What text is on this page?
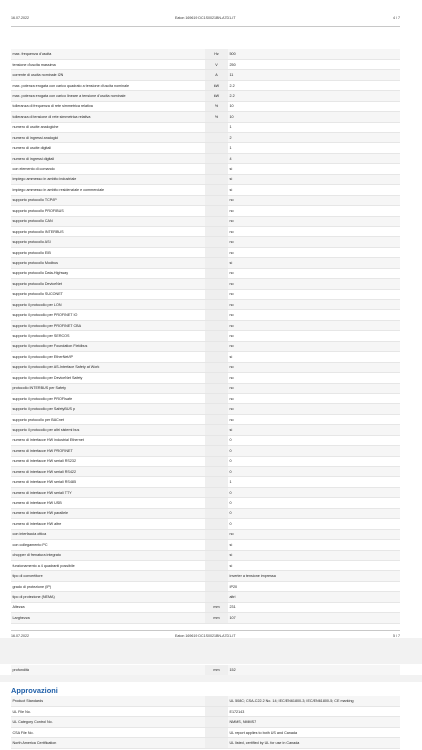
16.07.2022	Eaton 169619 DC1S0021BN-A7D1-IT	4 / 7
max. frequenza d'uscita	Hz	500
tensione d'uscita massima	V	250
corrente di uscita nominale I2N	A	11
max. potenza erogata con carico quadrato a tensione d'uscita nominale	kW	2.2
max. potenza erogata con carico lineare a tensione d'uscita nominale	kW	2.2
tolleranza di frequenza di rete simmetrica relativa	%	10
tolleranza di tensione di rete simmetrica relativa	%	10
numero di uscite analogiche		1
numero di ingressi analogici		2
numero di uscite digitali		1
numero di ingressi digitali		4
con elemento di comando		sì
impiego ammesso in ambito industriale		sì
impiego ammesso in ambito residenziale e commerciale		sì
supporto protocollo TCP/IP		no
supporto protocollo PROFIBUS		no
supporto protocollo CAN		no
supporto protocollo INTERBUS		no
supporto protocollo ASI		no
supporto protocollo EIB		no
supporto protocollo Modbus		sì
supporto protocollo Data-Highway		no
supporto protocollo DeviceNet		no
supporto protocollo SUCONET		no
supporto il protocollo per LON		no
supporto il protocollo per PROFINET IO		no
supporto il protocollo per PROFINET CBA		no
supporto il protocollo per SERCOS		no
supporto il protocollo per Foundation Fieldbus		no
supporto il protocollo per EtherNet/IP		sì
supporto il protocollo per AS-Interface Safety at Work		no
supporto il protocollo per DeviceNet Safety		no
protocollo INTERBUS per Safety		no
supporto il protocollo per PROFIsafe		no
supporto il protocollo per SafetyBUS p		no
supporto protocollo per BACnet		no
supporto il protocollo per altri sistemi bus		sì
numero di interfacce HW industrial Ethernet		0
numero di interfacce HW PROFINET		0
numero di interfacce HW seriali RS232		0
numero di interfacce HW seriali RS422		0
numero di interfacce HW seriali RS485		1
numero di interfacce HW seriali TTY		0
numero di interfacce HW USB		0
numero di interfacce HW parallele		0
numero di interfacce HW altre		0
con interfaccia ottica		no
con collegamento PC		sì
chopper di frenatura integrato		sì
funzionamento a 4 quadranti possibile		sì
tipo di convertitore		inverter a tensione impressa
grado di protezione (IP)		IP20
tipo di protezione (NEMA)		altri
Altezza	mm	231
Larghezza	mm	107
16.07.2022	Eaton 169619 DC1S0021BN-A7D1-IT	5 / 7
profondità	mm	152
Approvazioni
Product Standards		UL 508C; CSA-C22.2 No. 14; IEC/EN61800-3; IEC/EN61800-5; CE marking
UL File No.		E172143
UL Category Control No.		NMMS, NMMS7
CSA File No.		UL report applies to both US and Canada
North America Certification		UL listed, certified by UL for use in Canada
